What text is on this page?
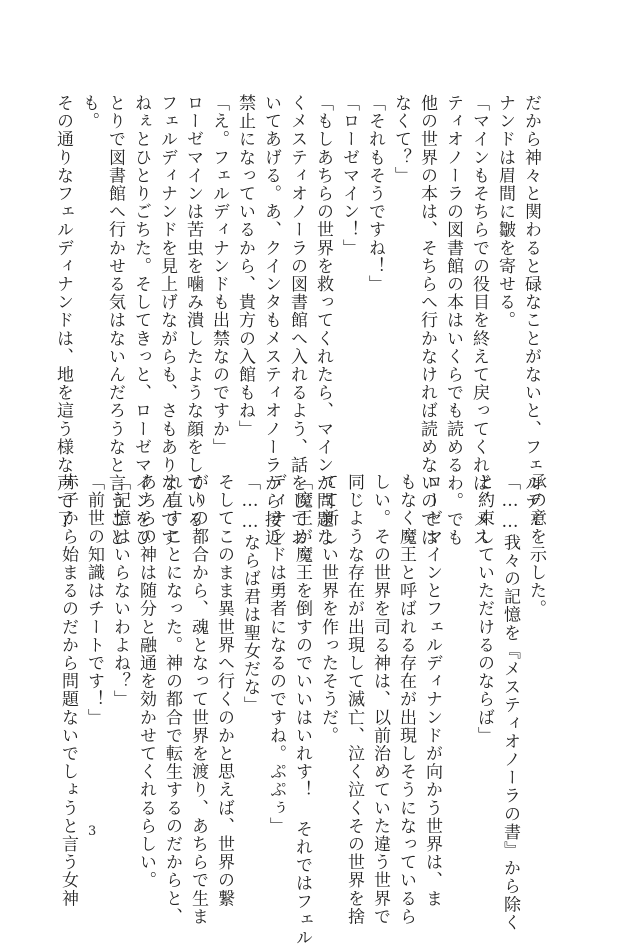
だから神々と関わると碌なことがないと、フェルディ
ナンドは眉間に皺を寄せる。
「マインもそちらでの役目を終えて戻ってくれば、メス
ティオノーラの図書館の本はいくらでも読めるわ。でも
他の世界の本は、そちらへ行かなければ読めないのでは
なくて？」
「それもそうですね！」
「ローゼマイン！」
「もしあちらの世界を救ってくれたら、マインが問題な
くメスティオノーラの図書館へ入れるよう、話をしてお
いてあげる。あ、クインタもメスティオノーラから接近
禁止になっているから、貴方の入館もね」
「え。フェルディナンドも出禁なのですか」
ローゼマインは苦虫を噛み潰したような顔をしている
フェルディナンドを見上げながらも、さもありなんです
ねぇとひとりごちた。そしてきっと、ローゼマインをひ
とりで図書館へ行かせる気はないんだろうなと言うこと
も。
その通りなフェルディナンドは、地を這う様な声で了
承の意を示した。
「……我々の記憶を『メスティオノーラの書』から除く
と約束していただけるのならば」

ローゼマインとフェルディナンドが向かう世界は、ま
もなく魔王と呼ばれる存在が出現しそうになっているら
しい。その世界を司る神は、以前治めていた違う世界で
同じような存在が出現して滅亡、泣く泣くその世界を捨
てて新しい世界を作ったそうだ。
「魔王が魔王を倒すのでいいはいれす！ それではフェル
ディナンドは勇者になるのですね。ぷぷぅ」
「……ならば君は聖女だな」
そしてこのまま異世界へ行くのかと思えば、世界の繋
がりの都合から、魂となって世界を渡り、あちらで生ま
れ直すことになった。神の都合で転生するのだからと、
あちらの神は随分と融通を効かせてくれるらしい。
「記憶はいらないわよね？」
「前世の知識はチートです！」
赤子から始まるのだから問題ないでしょうと言う女神 3
